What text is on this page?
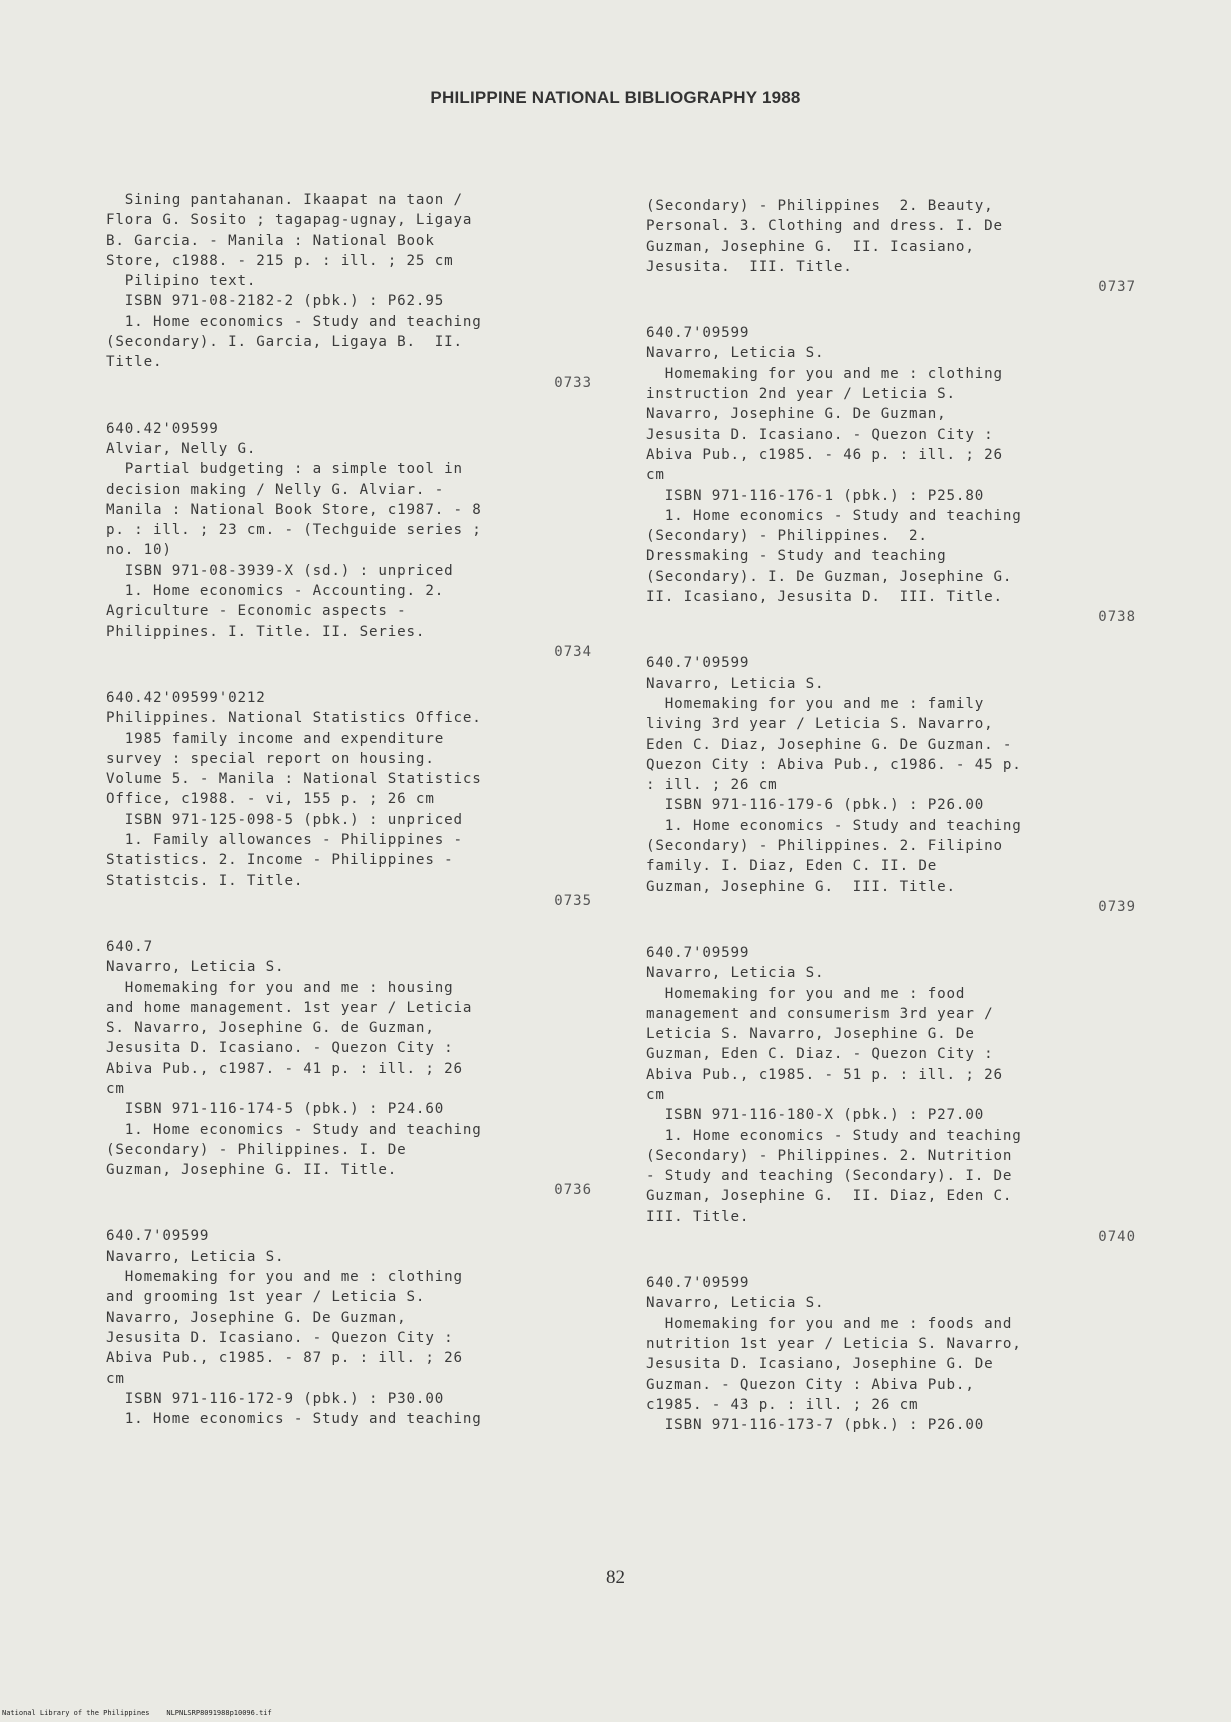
PHILIPPINE NATIONAL BIBLIOGRAPHY 1988
Sining pantahanan. Ikaapat na taon /
Flora G. Sosito ; tagapag-ugnay, Ligaya
B. Garcia. - Manila : National Book
Store, c1988. - 215 p. : ill. ; 25 cm
Pilipino text.
ISBN 971-08-2182-2 (pbk.) : P62.95
1. Home economics - Study and teaching
(Secondary). I. Garcia, Ligaya B.  II.
Title.
0733
640.42'09599
Alviar, Nelly G.
Partial budgeting : a simple tool in
decision making / Nelly G. Alviar. -
Manila : National Book Store, c1987. - 8
p. : ill. ; 23 cm. - (Techguide series ;
no. 10)
ISBN 971-08-3939-X (sd.) : unpriced
1. Home economics - Accounting. 2.
Agriculture - Economic aspects -
Philippines. I. Title. II. Series.
0734
640.42'09599'0212
Philippines. National Statistics Office.
1985 family income and expenditure
survey : special report on housing.
Volume 5. - Manila : National Statistics
Office, c1988. - vi, 155 p. ; 26 cm
ISBN 971-125-098-5 (pbk.) : unpriced
1. Family allowances - Philippines -
Statistics. 2. Income - Philippines -
Statistcis. I. Title.
0735
640.7
Navarro, Leticia S.
Homemaking for you and me : housing
and home management. 1st year / Leticia
S. Navarro, Josephine G. de Guzman,
Jesusita D. Icasiano. - Quezon City :
Abiva Pub., c1987. - 41 p. : ill. ; 26
cm
ISBN 971-116-174-5 (pbk.) : P24.60
1. Home economics - Study and teaching
(Secondary) - Philippines. I. De
Guzman, Josephine G. II. Title.
0736
640.7'09599
Navarro, Leticia S.
Homemaking for you and me : clothing
and grooming 1st year / Leticia S.
Navarro, Josephine G. De Guzman,
Jesusita D. Icasiano. - Quezon City :
Abiva Pub., c1985. - 87 p. : ill. ; 26
cm
ISBN 971-116-172-9 (pbk.) : P30.00
1. Home economics - Study and teaching
(Secondary) - Philippines  2. Beauty,
Personal. 3. Clothing and dress. I. De
Guzman, Josephine G.  II. Icasiano,
Jesusita.  III. Title.
0737
640.7'09599
Navarro, Leticia S.
Homemaking for you and me : clothing
instruction 2nd year / Leticia S.
Navarro, Josephine G. De Guzman,
Jesusita D. Icasiano. - Quezon City :
Abiva Pub., c1985. - 46 p. : ill. ; 26
cm
ISBN 971-116-176-1 (pbk.) : P25.80
1. Home economics - Study and teaching
(Secondary) - Philippines.  2.
Dressmaking - Study and teaching
(Secondary). I. De Guzman, Josephine G.
II. Icasiano, Jesusita D.  III. Title.
0738
640.7'09599
Navarro, Leticia S.
Homemaking for you and me : family
living 3rd year / Leticia S. Navarro,
Eden C. Diaz, Josephine G. De Guzman. -
Quezon City : Abiva Pub., c1986. - 45 p.
: ill. ; 26 cm
ISBN 971-116-179-6 (pbk.) : P26.00
1. Home economics - Study and teaching
(Secondary) - Philippines. 2. Filipino
family. I. Diaz, Eden C. II. De
Guzman, Josephine G.  III. Title.
0739
640.7'09599
Navarro, Leticia S.
Homemaking for you and me : food
management and consumerism 3rd year /
Leticia S. Navarro, Josephine G. De
Guzman, Eden C. Diaz. - Quezon City :
Abiva Pub., c1985. - 51 p. : ill. ; 26
cm
ISBN 971-116-180-X (pbk.) : P27.00
1. Home economics - Study and teaching
(Secondary) - Philippines. 2. Nutrition
- Study and teaching (Secondary). I. De
Guzman, Josephine G.  II. Diaz, Eden C.
III. Title.
0740
640.7'09599
Navarro, Leticia S.
Homemaking for you and me : foods and
nutrition 1st year / Leticia S. Navarro,
Jesusita D. Icasiano, Josephine G. De
Guzman. - Quezon City : Abiva Pub.,
c1985. - 43 p. : ill. ; 26 cm
ISBN 971-116-173-7 (pbk.) : P26.00
82
National Library of the Philippines    NLPNLSRP8091988p10096.tif
